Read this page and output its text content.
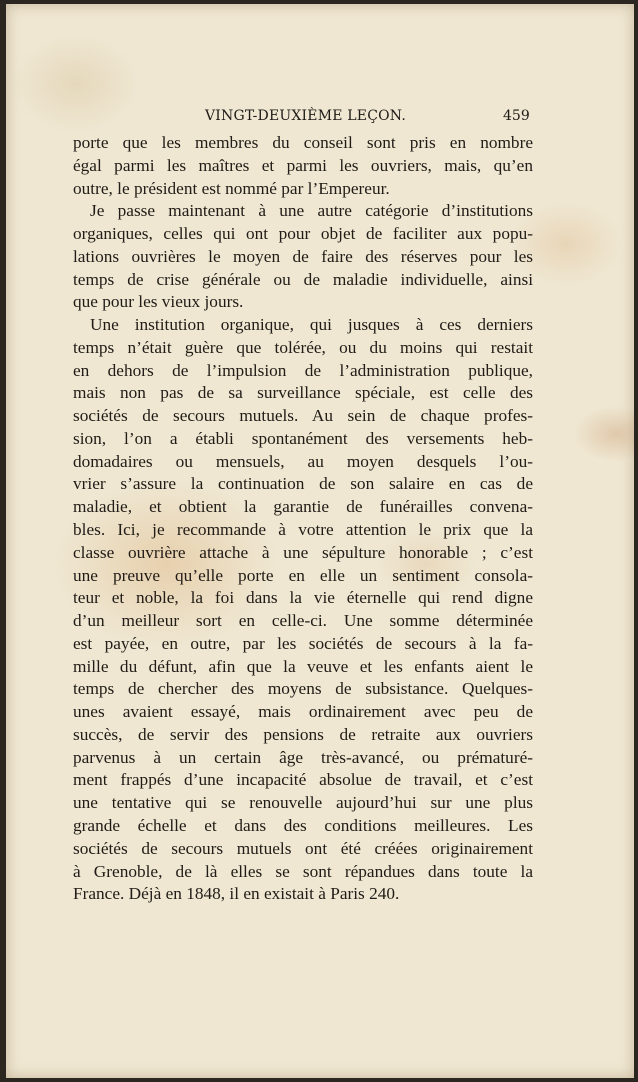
VINGT-DEUXIÈME LEÇON.	459
porte que les membres du conseil sont pris en nombre
égal parmi les maîtres et parmi les ouvriers, mais, qu’en
outre, le président est nommé par l’Empereur.
Je passe maintenant à une autre catégorie d’institutions
organiques, celles qui ont pour objet de faciliter aux popu-
lations ouvrières le moyen de faire des réserves pour les
temps de crise générale ou de maladie individuelle, ainsi
que pour les vieux jours.
Une institution organique, qui jusques à ces derniers
temps n’était guère que tolérée, ou du moins qui restait
en dehors de l’impulsion de l’administration publique,
mais non pas de sa surveillance spéciale, est celle des
sociétés de secours mutuels. Au sein de chaque profes-
sion, l’on a établi spontanément des versements heb-
domadaires ou mensuels, au moyen desquels l’ou-
vrier s’assure la continuation de son salaire en cas de
maladie, et obtient la garantie de funérailles convena-
bles. Ici, je recommande à votre attention le prix que la
classe ouvrière attache à une sépulture honorable ; c’est
une preuve qu’elle porte en elle un sentiment consola-
teur et noble, la foi dans la vie éternelle qui rend digne
d’un meilleur sort en celle-ci. Une somme déterminée
est payée, en outre, par les sociétés de secours à la fa-
mille du défunt, afin que la veuve et les enfants aient le
temps de chercher des moyens de subsistance. Quelques-
unes avaient essayé, mais ordinairement avec peu de
succès, de servir des pensions de retraite aux ouvriers
parvenus à un certain âge très-avancé, ou prématuré-
ment frappés d’une incapacité absolue de travail, et c’est
une tentative qui se renouvelle aujourd’hui sur une plus
grande échelle et dans des conditions meilleures. Les
sociétés de secours mutuels ont été créées originairement
à Grenoble, de là elles se sont répandues dans toute la
France. Déjà en 1848, il en existait à Paris 240.
